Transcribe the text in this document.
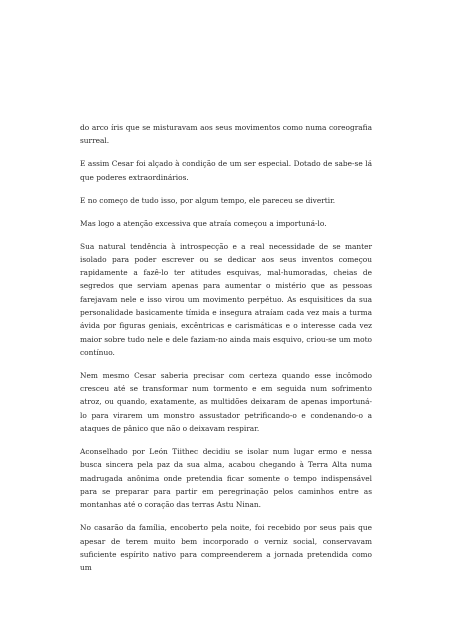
do arco íris que se misturavam aos seus movimentos como numa coreografia surreal.

E assim Cesar foi alçado à condição de um ser especial. Dotado de sabe-se lá que poderes extraordinários.

E no começo de tudo isso, por algum tempo, ele pareceu se divertir.

Mas logo a atenção excessiva que atraía começou a importuná-lo.

Sua natural tendência à introspecção e a real necessidade de se manter isolado para poder escrever ou se dedicar aos seus inventos começou rapidamente a fazê-lo ter atitudes esquivas, mal-humoradas, cheias de segredos que serviam apenas para aumentar o mistério que as pessoas farejavam nele e isso virou um movimento perpétuo. As esquisitices da sua personalidade basicamente tímida e insegura atraíam cada vez mais a turma ávida por figuras geniais, excêntricas e carismáticas e o interesse cada vez maior sobre tudo nele e dele faziam-no ainda mais esquivo, criou-se um moto contínuo.

Nem mesmo Cesar saberia precisar com certeza quando esse incômodo cresceu até se transformar num tormento e em seguida num sofrimento atroz, ou quando, exatamente, as multidões deixaram de apenas importuná-lo para virarem um monstro assustador petrificando-o e condenando-o a ataques de pânico que não o deixavam respirar.

Aconselhado por León Tiithec decidiu se isolar num lugar ermo e nessa busca sincera pela paz da sua alma, acabou chegando à Terra Alta numa madrugada anônima onde pretendia ficar somente o tempo indispensável para se preparar para partir em peregrinação pelos caminhos entre as montanhas até o coração das terras Astu Ninan.

No casarão da família, encoberto pela noite, foi recebido por seus pais que apesar de terem muito bem incorporado o verniz social, conservavam suficiente espírito nativo para compreenderem a jornada pretendida como um
